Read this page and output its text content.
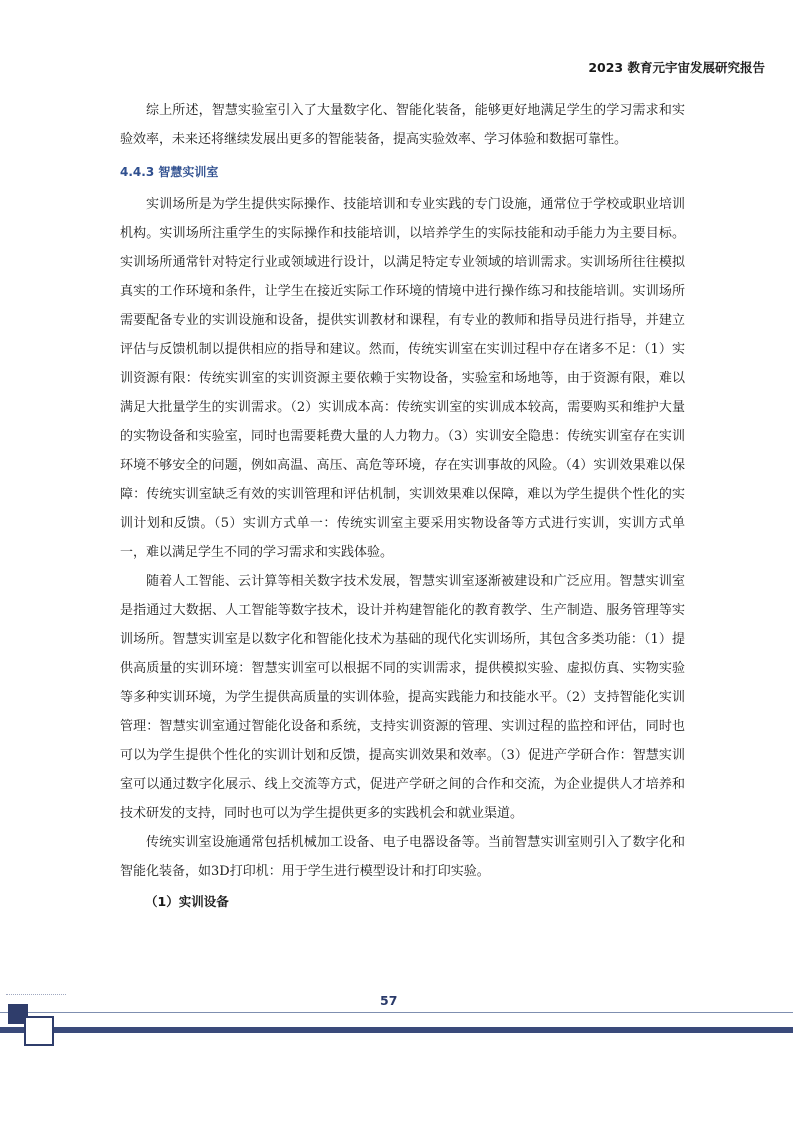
2023 教育元宇宙发展研究报告

综上所述，智慧实验室引入了大量数字化、智能化装备，能够更好地满足学生的学习需求和实验效率，未来还将继续发展出更多的智能装备，提高实验效率、学习体验和数据可靠性。

4.4.3 智慧实训室

实训场所是为学生提供实际操作、技能培训和专业实践的专门设施，通常位于学校或职业培训机构。实训场所注重学生的实际操作和技能培训，以培养学生的实际技能和动手能力为主要目标。实训场所通常针对特定行业或领域进行设计，以满足特定专业领域的培训需求。实训场所往往模拟真实的工作环境和条件，让学生在接近实际工作环境的情境中进行操作练习和技能培训。实训场所需要配备专业的实训设施和设备，提供实训教材和课程，有专业的教师和指导员进行指导，并建立评估与反馈机制以提供相应的指导和建议。然而，传统实训室在实训过程中存在诸多不足：（1）实训资源有限：传统实训室的实训资源主要依赖于实物设备，实验室和场地等，由于资源有限，难以满足大批量学生的实训需求。（2）实训成本高：传统实训室的实训成本较高，需要购买和维护大量的实物设备和实验室，同时也需要耗费大量的人力物力。（3）实训安全隐患：传统实训室存在实训环境不够安全的问题，例如高温、高压、高危等环境，存在实训事故的风险。（4）实训效果难以保障：传统实训室缺乏有效的实训管理和评估机制，实训效果难以保障，难以为学生提供个性化的实训计划和反馈。（5）实训方式单一：传统实训室主要采用实物设备等方式进行实训，实训方式单一，难以满足学生不同的学习需求和实践体验。

随着人工智能、云计算等相关数字技术发展，智慧实训室逐渐被建设和广泛应用。智慧实训室是指通过大数据、人工智能等数字技术，设计并构建智能化的教育教学、生产制造、服务管理等实训场所。智慧实训室是以数字化和智能化技术为基础的现代化实训场所，其包含多类功能：（1）提供高质量的实训环境：智慧实训室可以根据不同的实训需求，提供模拟实验、虚拟仿真、实物实验等多种实训环境，为学生提供高质量的实训体验，提高实践能力和技能水平。（2）支持智能化实训管理：智慧实训室通过智能化设备和系统，支持实训资源的管理、实训过程的监控和评估，同时也可以为学生提供个性化的实训计划和反馈，提高实训效果和效率。（3）促进产学研合作：智慧实训室可以通过数字化展示、线上交流等方式，促进产学研之间的合作和交流，为企业提供人才培养和技术研发的支持，同时也可以为学生提供更多的实践机会和就业渠道。

传统实训室设施通常包括机械加工设备、电子电器设备等。当前智慧实训室则引入了数字化和智能化装备，如3D打印机：用于学生进行模型设计和打印实验。

（1）实训设备
57
